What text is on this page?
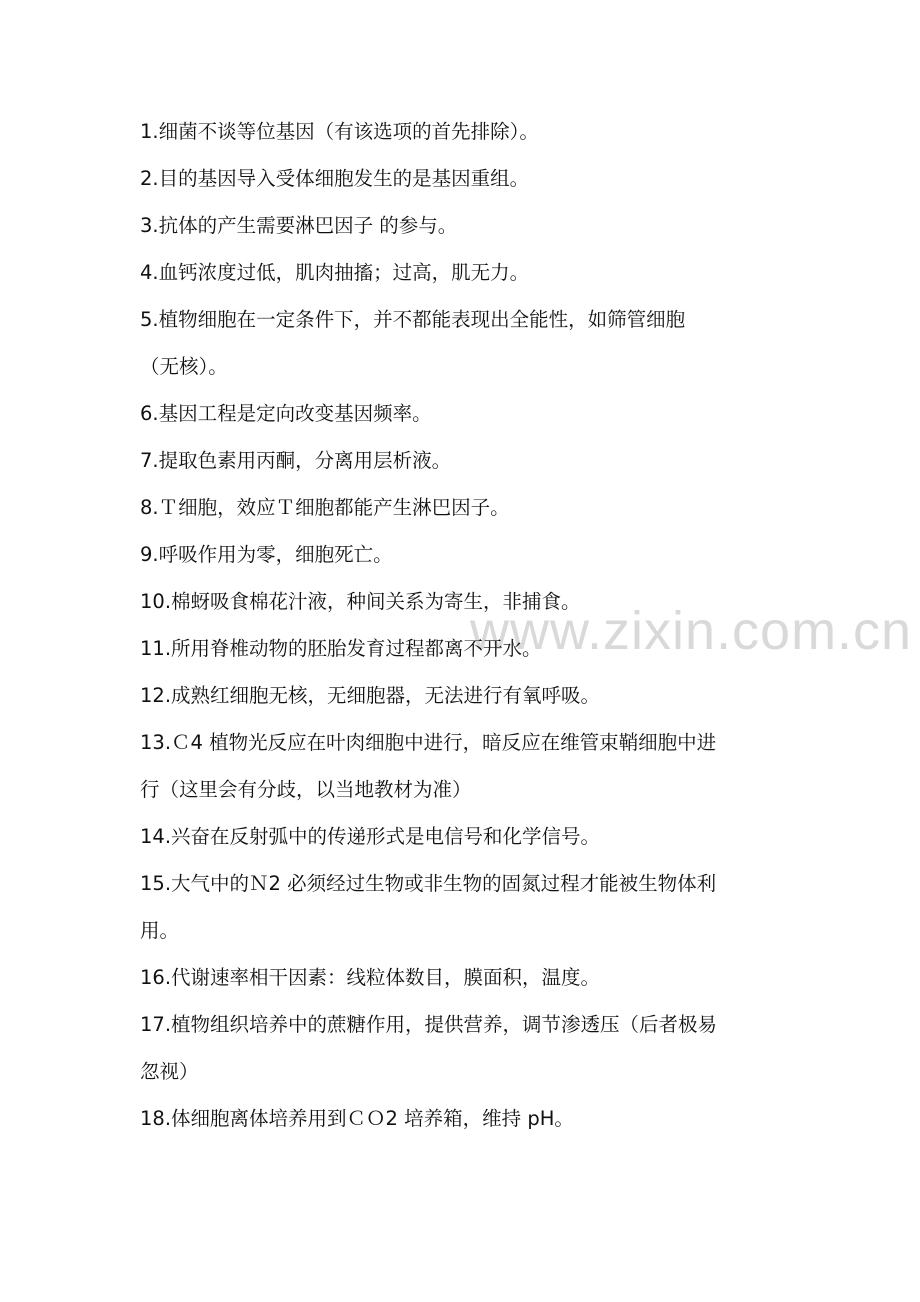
www.zixin.com.cn
1.细菌不谈等位基因（有该选项的首先排除）。
2.目的基因导入受体细胞发生的是基因重组。
3.抗体的产生需要淋巴因子 的参与。
4.血钙浓度过低，肌肉抽搐；过高，肌无力。
5.植物细胞在一定条件下，并不都能表现出全能性，如筛管细胞
（无核）。
6.基因工程是定向改变基因频率。
7.提取色素用丙酮，分离用层析液。
8.Ｔ细胞，效应Ｔ细胞都能产生淋巴因子。
9.呼吸作用为零，细胞死亡。
10.棉蚜吸食棉花汁液，种间关系为寄生，非捕食。
11.所用脊椎动物的胚胎发育过程都离不开水。
12.成熟红细胞无核，无细胞器，无法进行有氧呼吸。
13.Ｃ4 植物光反应在叶肉细胞中进行，暗反应在维管束鞘细胞中进
行（这里会有分歧，以当地教材为准）
14.兴奋在反射弧中的传递形式是电信号和化学信号。
15.大气中的Ｎ2 必须经过生物或非生物的固氮过程才能被生物体利
用。
16.代谢速率相干因素：线粒体数目，膜面积，温度。
17.植物组织培养中的蔗糖作用，提供营养，调节渗透压（后者极易
忽视）
18.体细胞离体培养用到ＣＯ2 培养箱，维持 pH。
